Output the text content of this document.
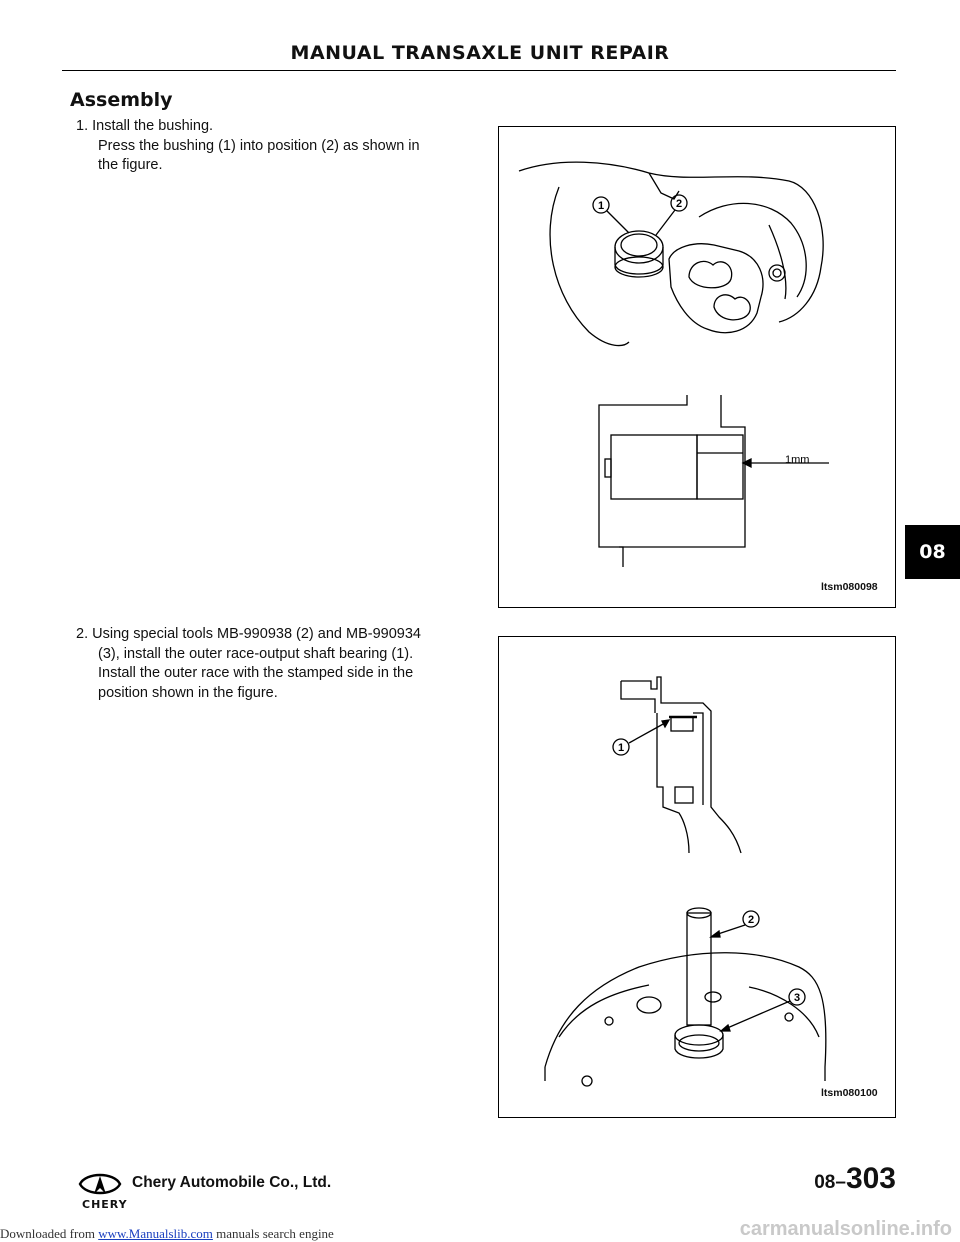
MANUAL TRANSAXLE UNIT REPAIR
Assembly
1. Install the bushing.
Press the bushing (1) into position (2) as shown in
the figure.
2. Using special tools MB-990938 (2) and MB-990934
(3), install the outer race-output shaft bearing (1).
Install the outer race with the stamped side in the
position shown in the figure.
1	2
1mm
ltsm080098
1
2
3
ltsm080100
08
CHERY
Chery Automobile Co., Ltd.	08–303
Downloaded from www.Manualslib.com manuals search engine	carmanualsonline.info
